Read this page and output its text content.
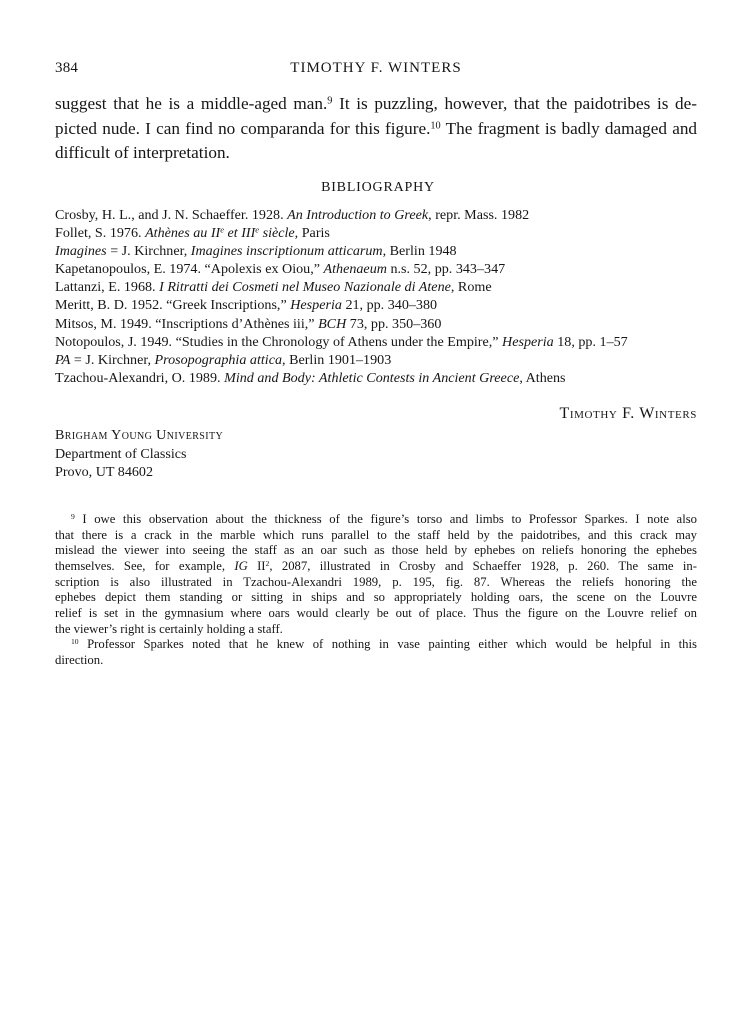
384	TIMOTHY F. WINTERS
suggest that he is a middle-aged man.$^9$ It is puzzling, however, that the paidotribes is de-
picted nude. I can find no comparanda for this figure.$^{10}$ The fragment is badly damaged and
difficult of interpretation.
BIBLIOGRAPHY
Crosby, H. L., and J. N. Schaeffer. 1928. An Introduction to Greek, repr. Mass. 1982
Follet, S. 1976. Athènes au IIe et IIIe siècle, Paris
Imagines = J. Kirchner, Imagines inscriptionum atticarum, Berlin 1948
Kapetanopoulos, E. 1974. “Apolexis ex Oiou,” Athenaeum n.s. 52, pp. 343–347
Lattanzi, E. 1968. I Ritratti dei Cosmeti nel Museo Nazionale di Atene, Rome
Meritt, B. D. 1952. “Greek Inscriptions,” Hesperia 21, pp. 340–380
Mitsos, M. 1949. “Inscriptions d’Athènes iii,” BCH 73, pp. 350–360
Notopoulos, J. 1949. “Studies in the Chronology of Athens under the Empire,” Hesperia 18, pp. 1–57
PA = J. Kirchner, Prosopographia attica, Berlin 1901–1903
Tzachou-Alexandri, O. 1989. Mind and Body: Athletic Contests in Ancient Greece, Athens
Timothy F. Winters
Brigham Young University
Department of Classics
Provo, UT 84602
$^9$ I owe this observation about the thickness of the figure’s torso and limbs to Professor Sparkes. I note also
that there is a crack in the marble which runs parallel to the staff held by the paidotribes, and this crack may
mislead the viewer into seeing the staff as an oar such as those held by ephebes on reliefs honoring the ephebes
themselves. See, for example, IG $II^2$, 2087, illustrated in Crosby and Schaeffer 1928, p. 260. The same in-
scription is also illustrated in Tzachou-Alexandri 1989, p. 195, fig. 87. Whereas the reliefs honoring the
ephebes depict them standing or sitting in ships and so appropriately holding oars, the scene on the Louvre
relief is set in the gymnasium where oars would clearly be out of place. Thus the figure on the Louvre relief on
the viewer’s right is certainly holding a staff.
$^{10}$ Professor Sparkes noted that he knew of nothing in vase painting either which would be helpful in this
direction.
